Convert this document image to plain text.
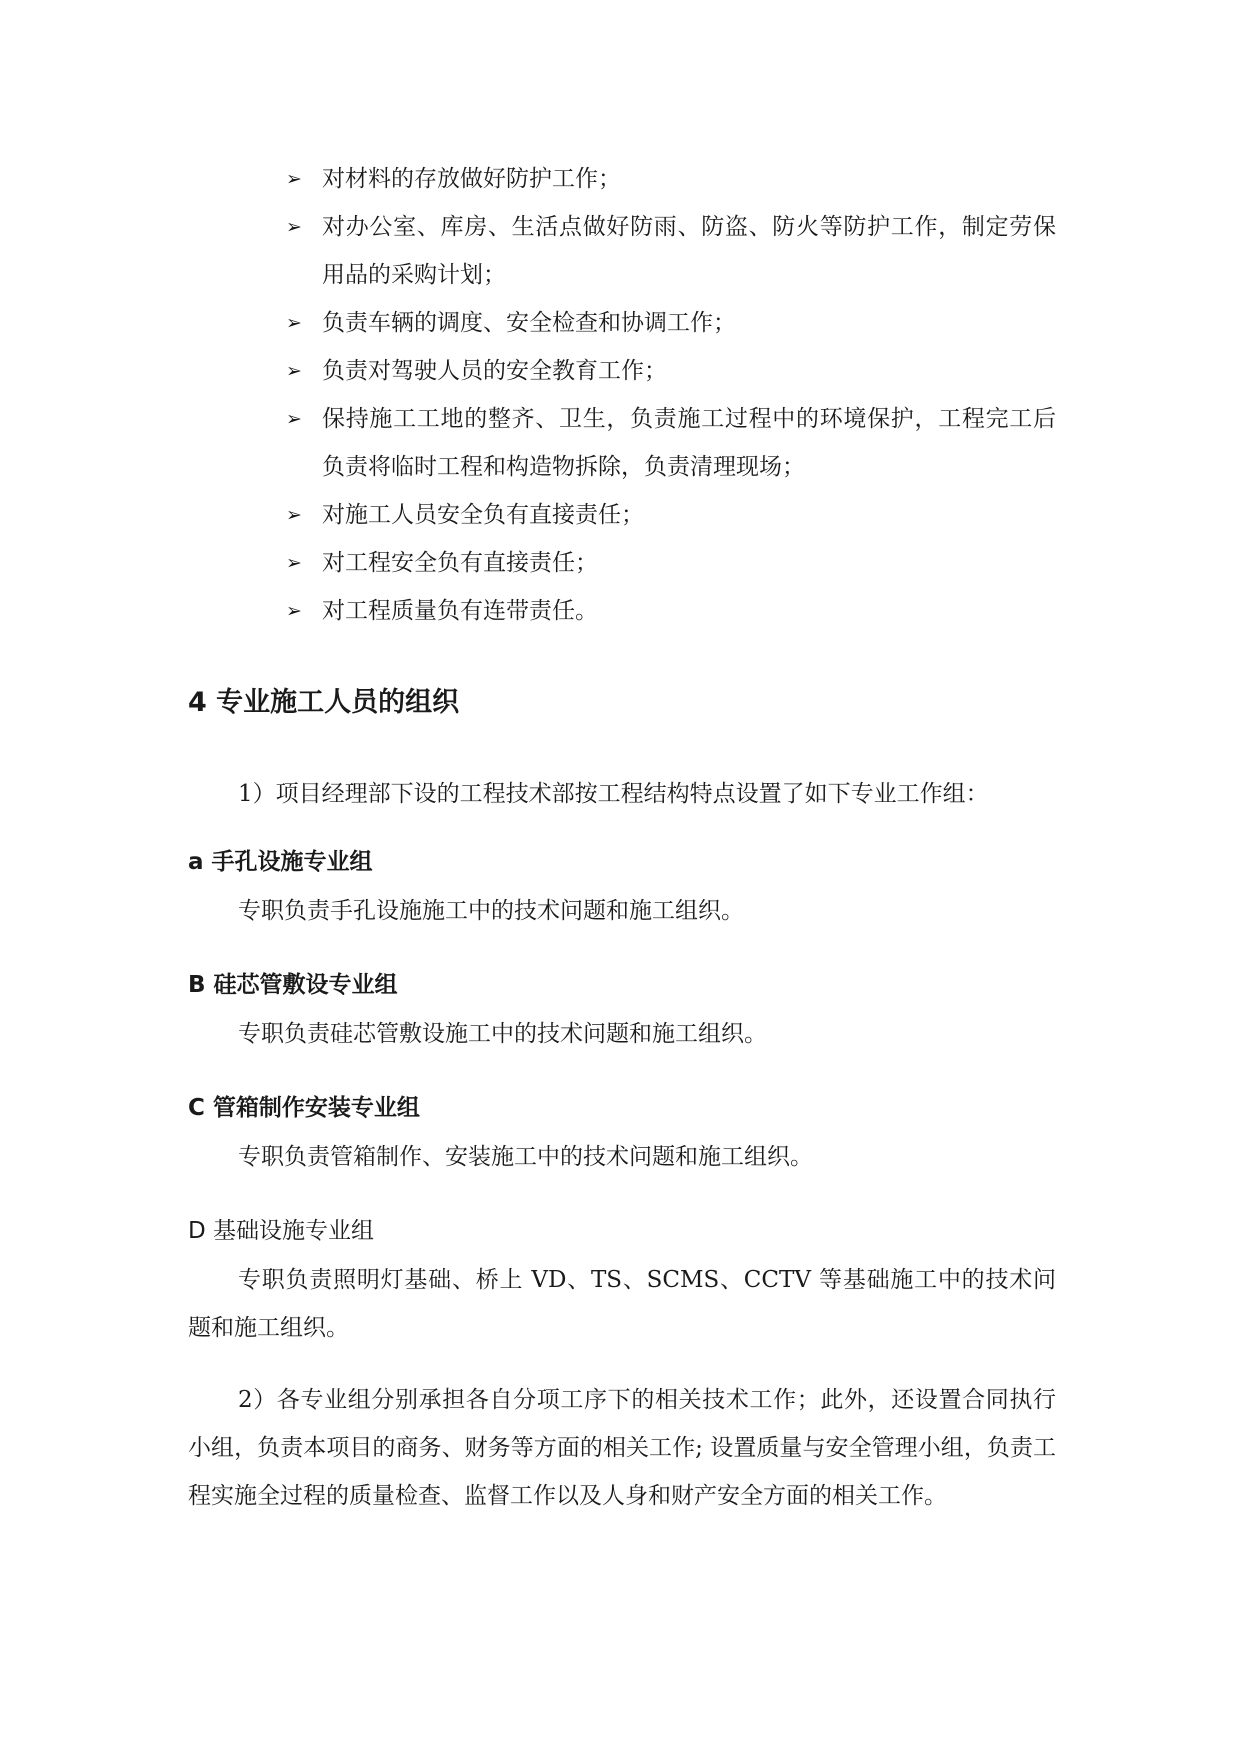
➢ 对材料的存放做好防护工作；
➢ 对办公室、库房、生活点做好防雨、防盗、防火等防护工作，制定劳保用品的采购计划；
➢ 负责车辆的调度、安全检查和协调工作；
➢ 负责对驾驶人员的安全教育工作；
➢ 保持施工工地的整齐、卫生，负责施工过程中的环境保护，工程完工后负责将临时工程和构造物拆除，负责清理现场；
➢ 对施工人员安全负有直接责任；
➢ 对工程安全负有直接责任；
➢ 对工程质量负有连带责任。
4 专业施工人员的组织

1）项目经理部下设的工程技术部按工程结构特点设置了如下专业工作组：

a 手孔设施专业组

专职负责手孔设施施工中的技术问题和施工组织。

B 硅芯管敷设专业组

专职负责硅芯管敷设施工中的技术问题和施工组织。

C 管箱制作安装专业组

专职负责管箱制作、安装施工中的技术问题和施工组织。

D 基础设施专业组

专职负责照明灯基础、桥上 VD、TS、SCMS、CCTV 等基础施工中的技术问题和施工组织。

2）各专业组分别承担各自分项工序下的相关技术工作；此外，还设置合同执行小组，负责本项目的商务、财务等方面的相关工作; 设置质量与安全管理小组，负责工程实施全过程的质量检查、监督工作以及人身和财产安全方面的相关工作。
